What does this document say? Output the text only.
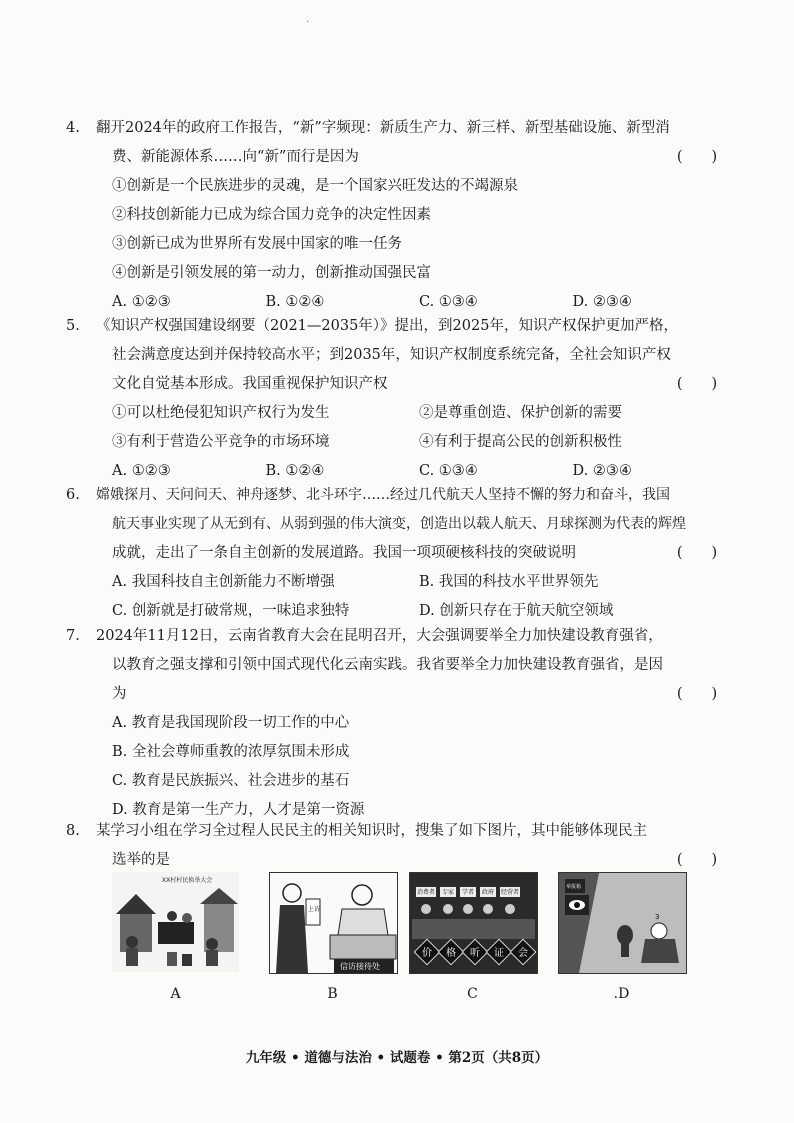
.
4.	翻开2024年的政府工作报告，“新”字频现：新质生产力、新三样、新型基础设施、新型消
费、新能源体系……向“新”而行是因为	(　　)
①创新是一个民族进步的灵魂，是一个国家兴旺发达的不竭源泉
②科技创新能力已成为综合国力竞争的决定性因素
③创新已成为世界所有发展中国家的唯一任务
④创新是引领发展的第一动力，创新推动国强民富
A. ①②③	B. ①②④	C. ①③④	D. ②③④
5.	《知识产权强国建设纲要（2021—2035年）》提出，到2025年，知识产权保护更加严格，
社会满意度达到并保持较高水平；到2035年，知识产权制度系统完备，全社会知识产权
文化自觉基本形成。我国重视保护知识产权	(　　)
①可以杜绝侵犯知识产权行为发生	②是尊重创造、保护创新的需要
③有利于营造公平竞争的市场环境	④有利于提高公民的创新积极性
A. ①②③	B. ①②④	C. ①③④	D. ②③④
6.	嫦娥探月、天问问天、神舟逐梦、北斗环宇……经过几代航天人坚持不懈的努力和奋斗，我国
航天事业实现了从无到有、从弱到强的伟大演变，创造出以载人航天、月球探测为代表的辉煌
成就，走出了一条自主创新的发展道路。我国一项项硬核科技的突破说明	(　　)
A. 我国科技自主创新能力不断增强	B. 我国的科技水平世界领先
C. 创新就是打破常规，一味追求独特	D. 创新只存在于航天航空领域
7.	2024年11月12日，云南省教育大会在昆明召开，大会强调要举全力加快建设教育强省，
以教育之强支撑和引领中国式现代化云南实践。我省要举全力加快建设教育强省，是因
为	(　　)
A. 教育是我国现阶段一切工作的中心
B. 全社会尊师重教的浓厚氛围未形成
C. 教育是民族振兴、社会进步的基石
D. 教育是第一生产力，人才是第一资源
8.	某学习小组在学习全过程人民民主的相关知识时，搜集了如下图片，其中能够体现民主
选举的是	(　　)
XX村村民换举大会
A
上访
信访接待处
B
消费者 专家 学者 政府 经营者
价 格 听 证 会
C
举报箱
3
.D
九年级 • 道德与法治 • 试题卷 • 第2页（共8页）
